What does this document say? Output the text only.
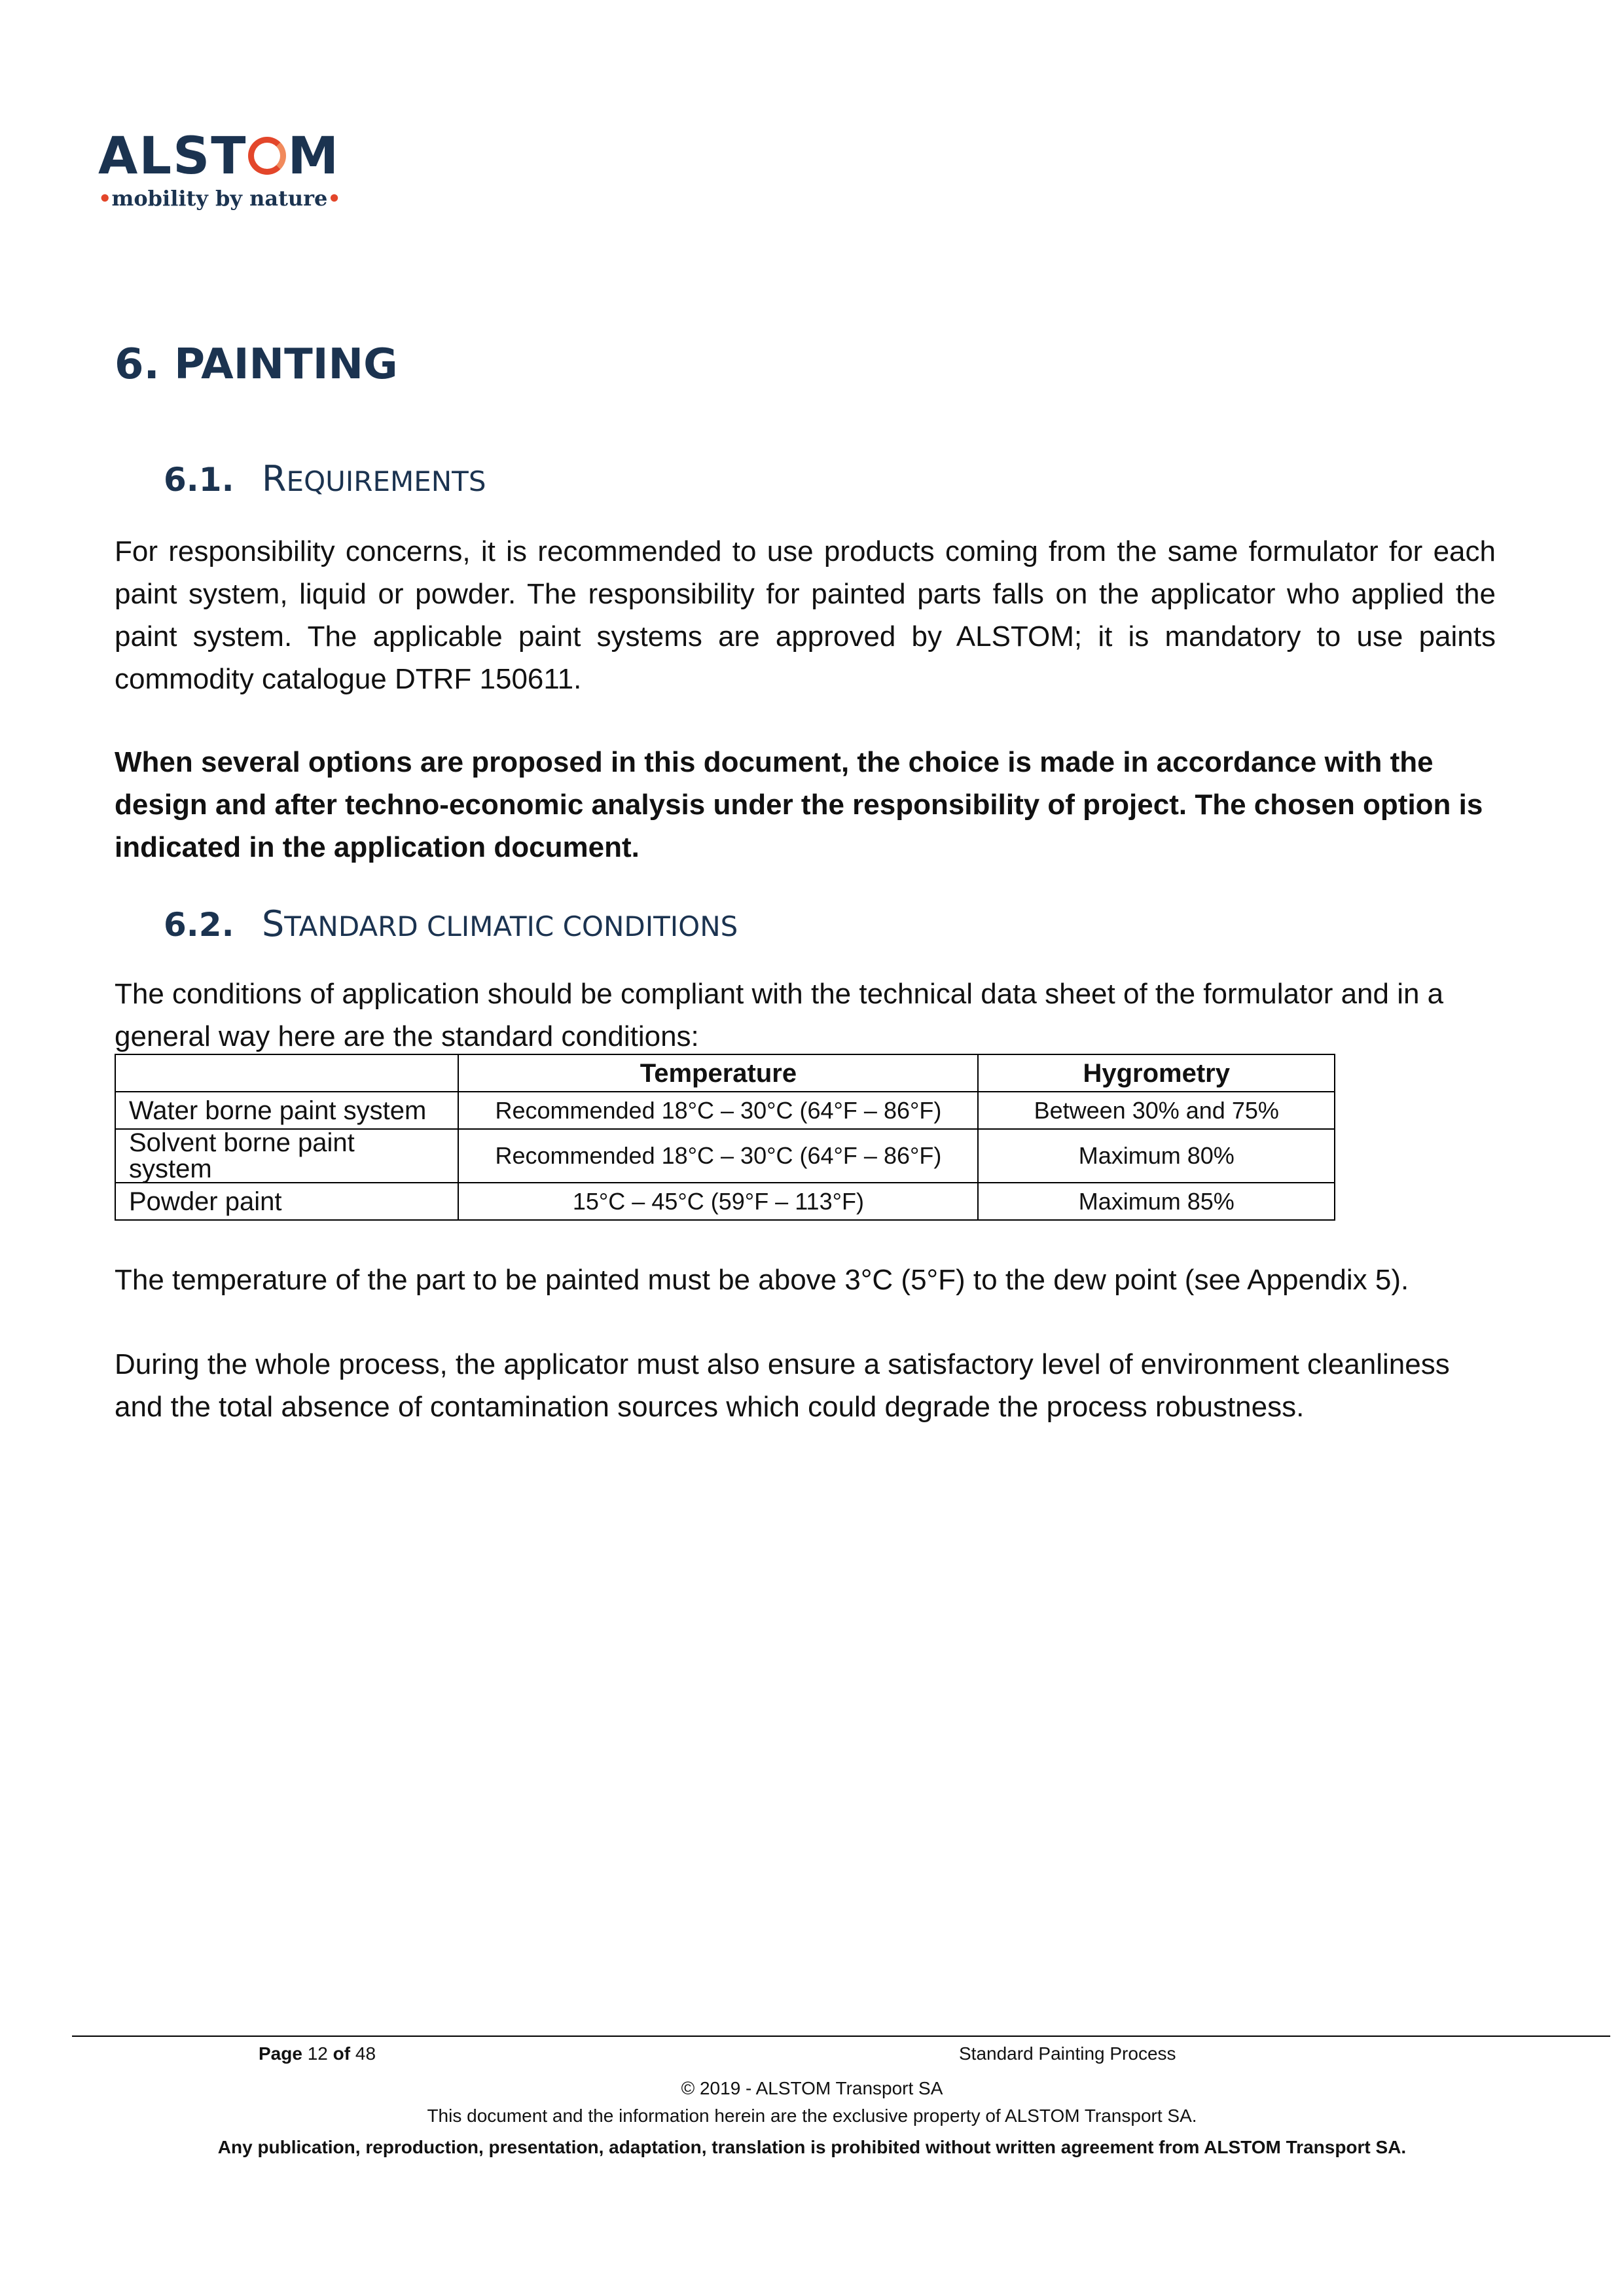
ALST M
•mobility by nature•
6. PAINTING
6.1. REQUIREMENTS

For responsibility concerns, it is recommended to use products coming from the same formulator for each paint system, liquid or powder. The responsibility for painted parts falls on the applicator who applied the paint system. The applicable paint systems are approved by ALSTOM; it is mandatory to use paints commodity catalogue DTRF 150611.

When several options are proposed in this document, the choice is made in accordance with the design and after techno-economic analysis under the responsibility of project. The chosen option is indicated in the application document.

6.2. STANDARD CLIMATIC CONDITIONS

The conditions of application should be compliant with the technical data sheet of the formulator and in a general way here are the standard conditions:

	Temperature	Hygrometry
Water borne paint system	Recommended 18°C – 30°C (64°F – 86°F)	Between 30% and 75%
Solvent borne paint system	Recommended 18°C – 30°C (64°F – 86°F)	Maximum 80%
Powder paint	15°C – 45°C (59°F – 113°F)	Maximum 85%

The temperature of the part to be painted must be above 3°C (5°F) to the dew point (see Appendix 5).

During the whole process, the applicator must also ensure a satisfactory level of environment cleanliness and the total absence of contamination sources which could degrade the process robustness.

Page 12 of 48	Standard Painting Process
© 2019 - ALSTOM Transport SA
This document and the information herein are the exclusive property of ALSTOM Transport SA.
Any publication, reproduction, presentation, adaptation, translation is prohibited without written agreement from ALSTOM Transport SA.
